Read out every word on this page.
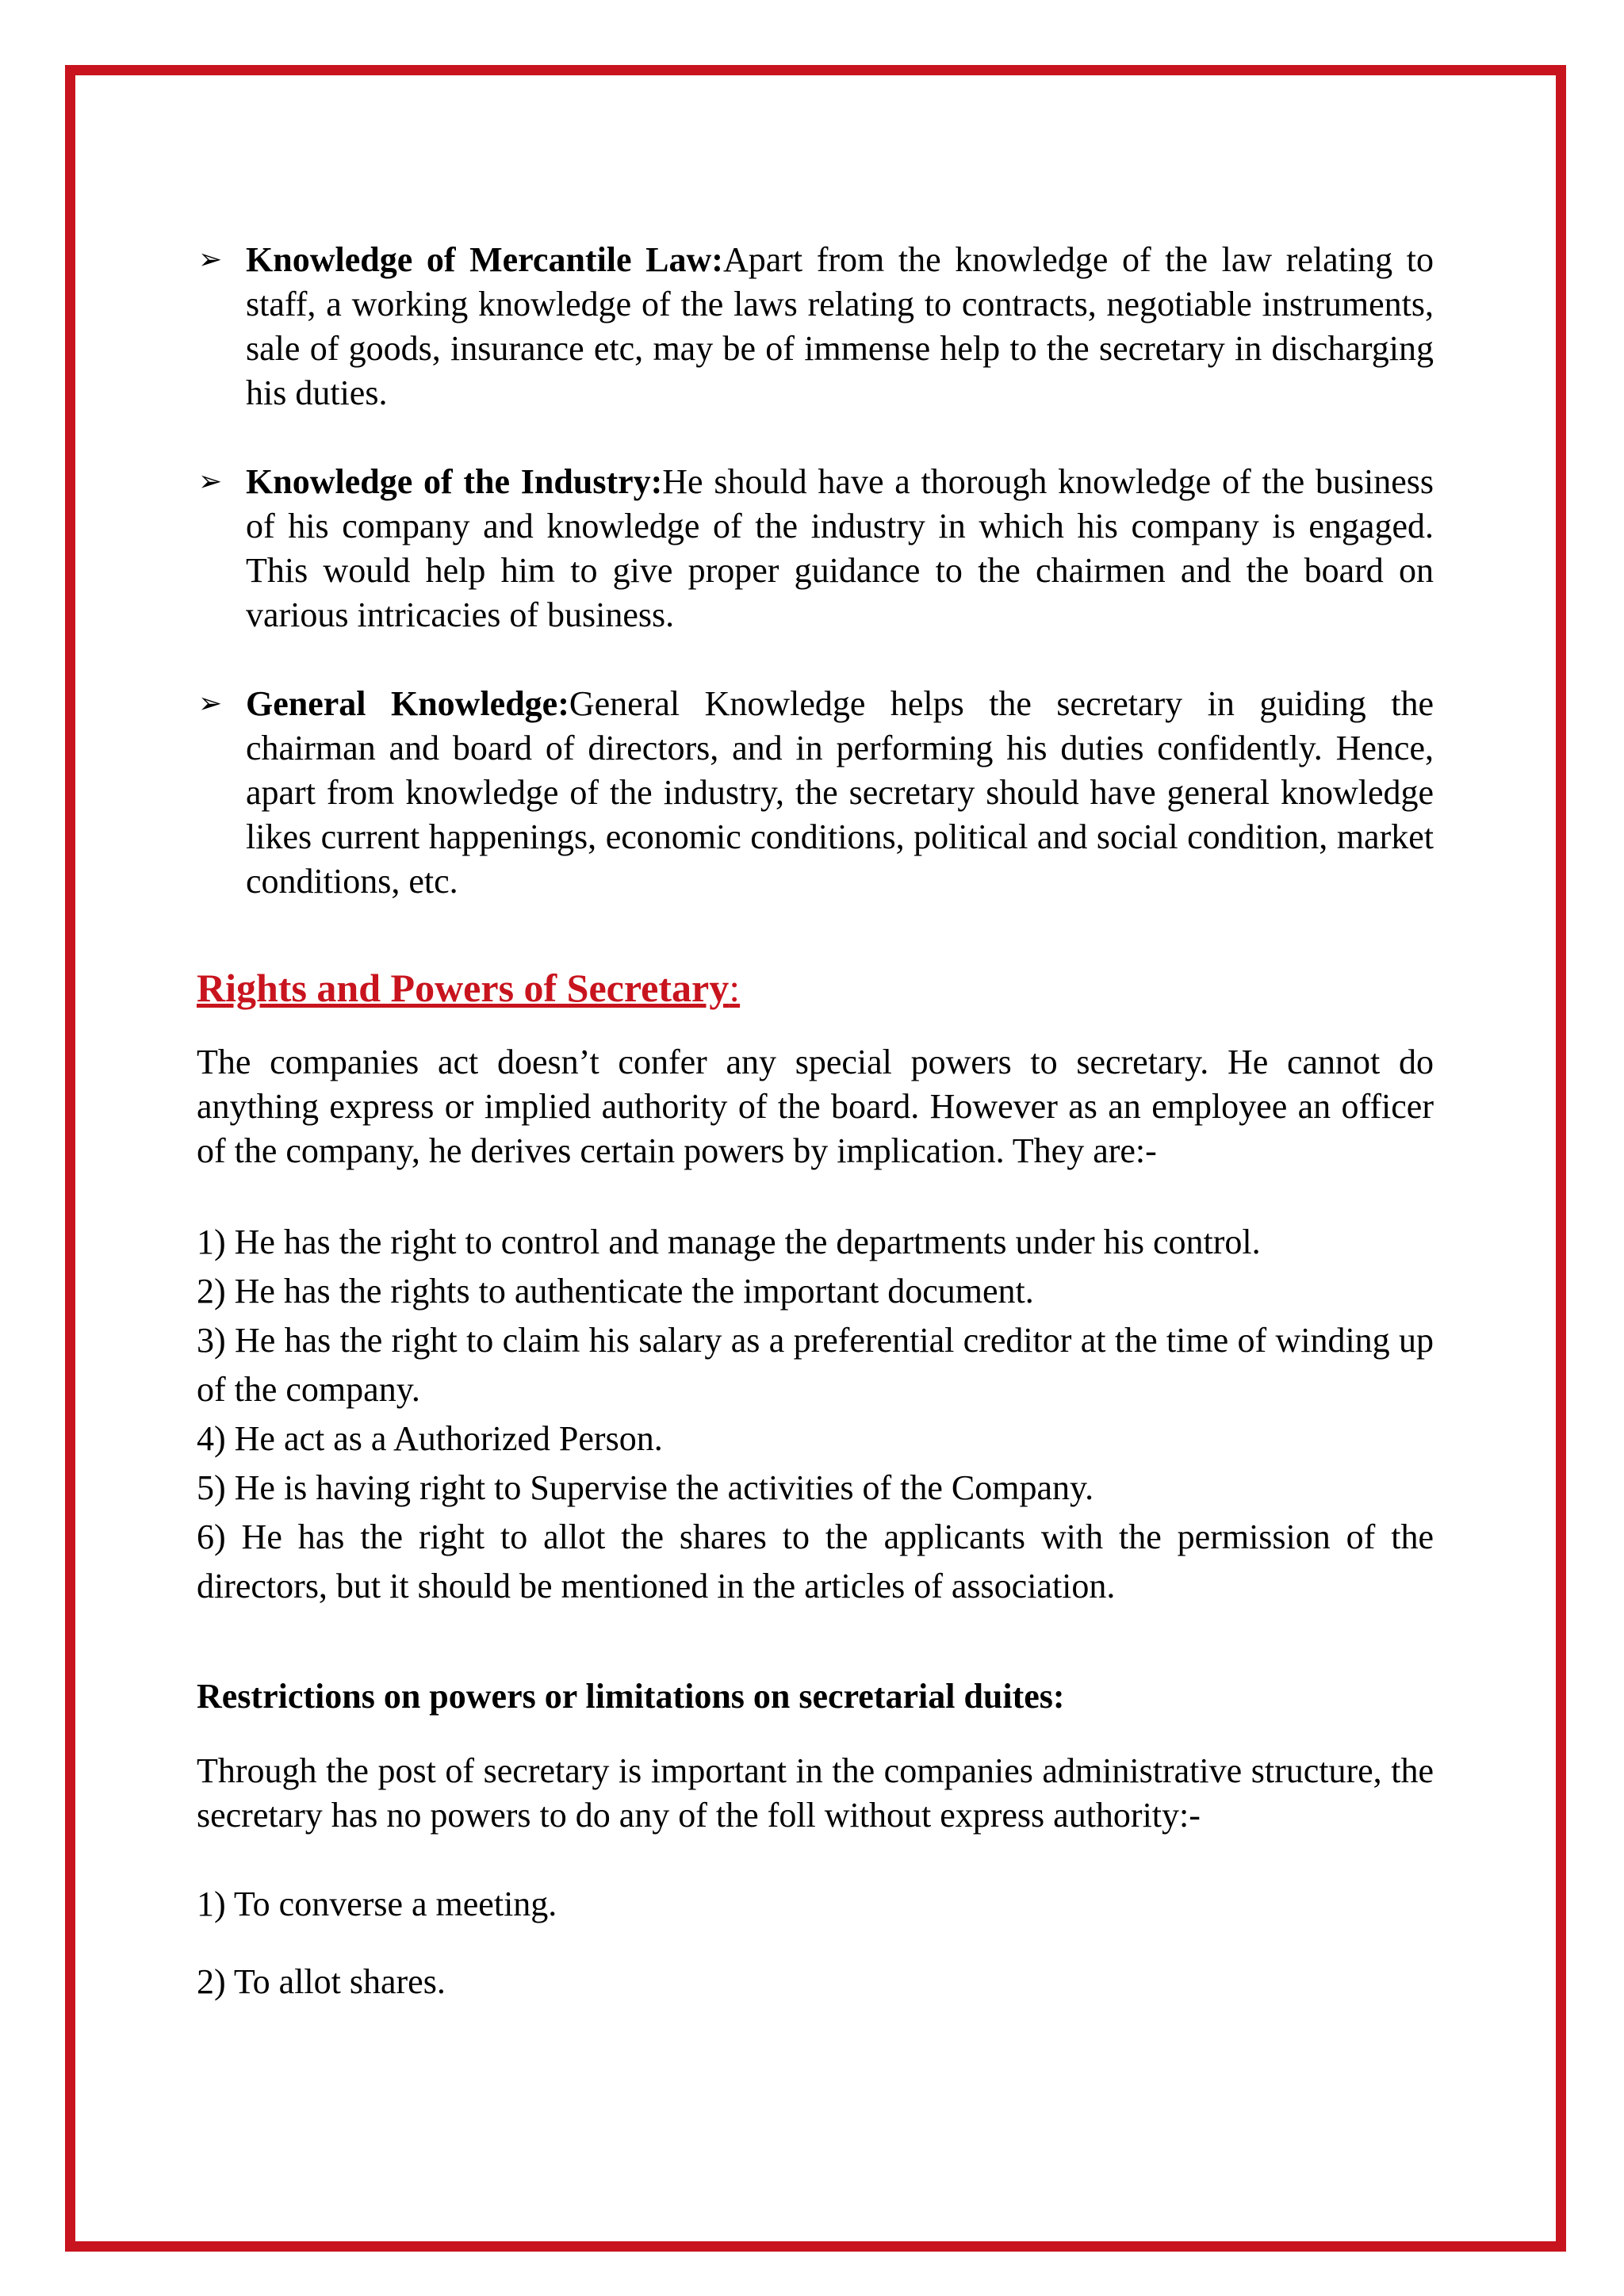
➢ Knowledge of Mercantile Law:Apart from the knowledge of the law relating to staff, a working knowledge of the laws relating to contracts, negotiable instruments, sale of goods, insurance etc, may be of immense help to the secretary in discharging his duties.
➢ Knowledge of the Industry:He should have a thorough knowledge of the business of his company and knowledge of the industry in which his company is engaged. This would help him to give proper guidance to the chairmen and the board on various intricacies of business.
➢ General Knowledge:General Knowledge helps the secretary in guiding the chairman and board of directors, and in performing his duties confidently. Hence, apart from knowledge of the industry, the secretary should have general knowledge likes current happenings, economic conditions, political and social condition, market conditions, etc.
Rights and Powers of Secretary:
The companies act doesn’t confer any special powers to secretary. He cannot do anything express or implied authority of the board. However as an employee an officer of the company, he derives certain powers by implication. They are:-
1) He has the right to control and manage the departments under his control.
2) He has the rights to authenticate the important document.
3) He has the right to claim his salary as a preferential creditor at the time of winding up of the company.
4) He act as a Authorized Person.
5) He is having right to Supervise the activities of the Company.
6) He has the right to allot the shares to the applicants with the permission of the directors, but it should be mentioned in the articles of association.
Restrictions on powers or limitations on secretarial duites:
Through the post of secretary is important in the companies administrative structure, the secretary has no powers to do any of the foll without express authority:-
1) To converse a meeting.
2) To allot shares.
